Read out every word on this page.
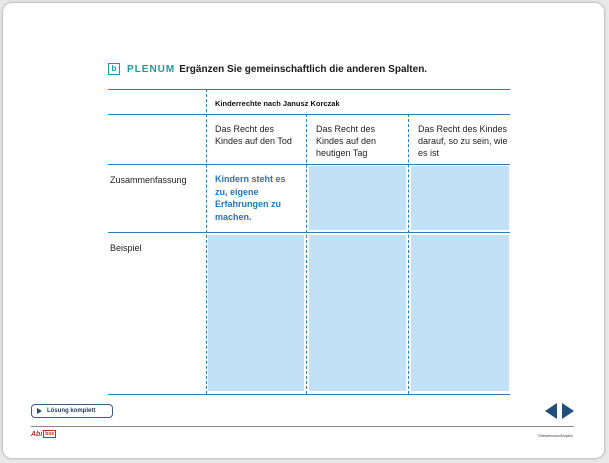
b	PLENUM Ergänzen Sie gemeinschaftlich die anderen Spalten.
Kinderrechte nach Janusz Korczak
Das Recht des Kindes auf den Tod
Das Recht des Kindes auf den heutigen Tag
Das Recht des Kindes darauf, so zu sein, wie es ist
Zusammenfassung
Beispiel
Kindern steht es zu, eigene Erfahrungen zu machen.
Lösung komplett
Abi box	©Westermann/Moyfish
